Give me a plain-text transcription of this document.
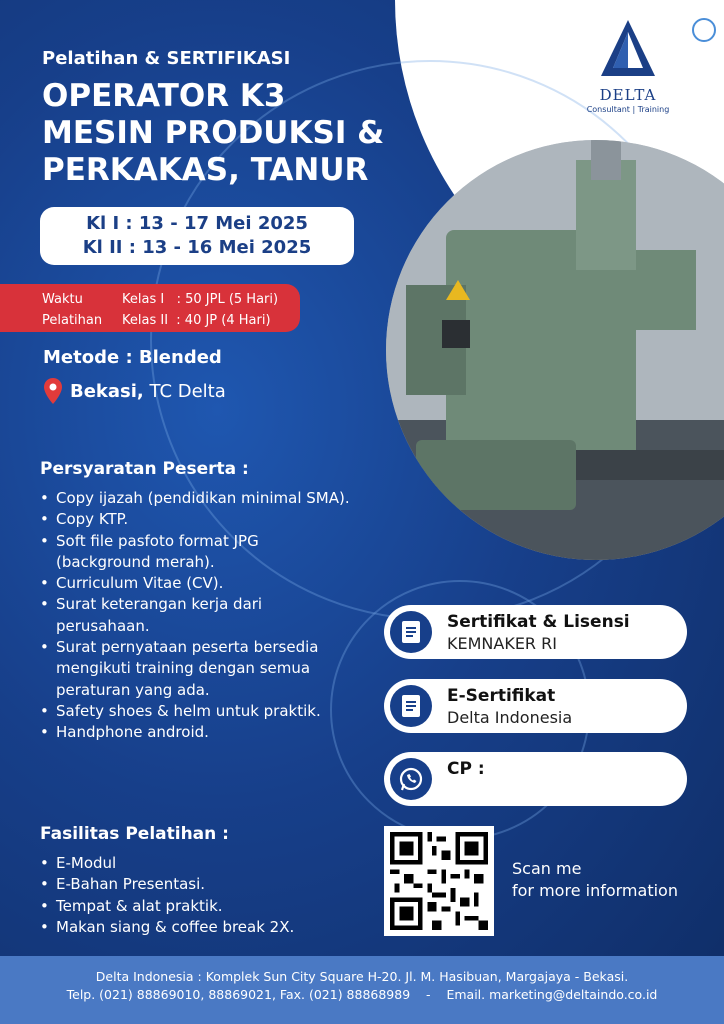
DELTA
Consultant | Training
Pelatihan & SERTIFIKASI
OPERATOR K3
MESIN PRODUKSI &
PERKAKAS, TANUR
Kl I : 13 - 17 Mei 2025
Kl II : 13 - 16 Mei 2025
Waktu
Pelatihan
Kelas I   : 50 JPL (5 Hari)
Kelas II  : 40 JP (4 Hari)
Metode : Blended
Bekasi, TC Delta
Persyaratan Peserta :
• Copy ijazah (pendidikan minimal SMA).
• Copy KTP.
• Soft file pasfoto format JPG (background merah).
• Curriculum Vitae (CV).
• Surat keterangan kerja dari perusahaan.
• Surat pernyataan peserta bersedia mengikuti training dengan semua peraturan yang ada.
• Safety shoes & helm untuk praktik.
• Handphone android.
Fasilitas Pelatihan :
• E-Modul
• E-Bahan Presentasi.
• Tempat & alat praktik.
• Makan siang & coffee break 2X.
Sertifikat & Lisensi
KEMNAKER RI
E-Sertifikat
Delta Indonesia
CP :
Scan me
for more information
Delta Indonesia : Komplek Sun City Square H-20. Jl. M. Hasibuan, Margajaya - Bekasi.
Telp. (021) 88869010, 88869021, Fax. (021) 88868989    -    Email. marketing@deltaindo.co.id
